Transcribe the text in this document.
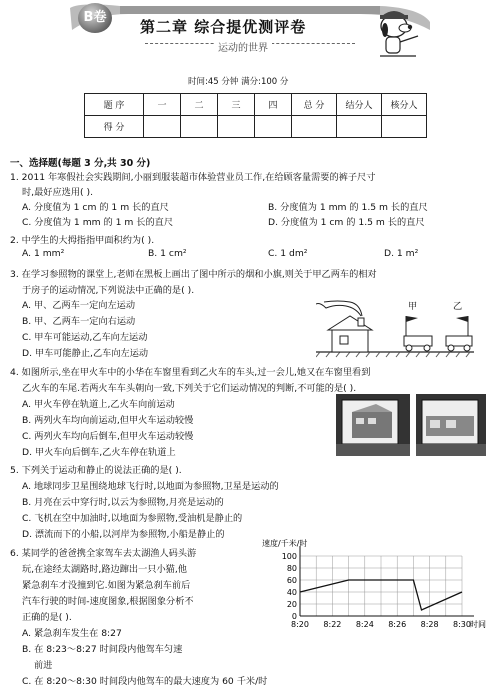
B卷
第二章 综合提优测评卷
运动的世界
时间:45 分钟 满分:100 分
题 序	一	二	三	四	总 分	结分人	核分人
得 分							
一、选择题(每题 3 分,共 30 分)
1. 2011 年寒假社会实践期间,小丽到服装超市体验营业员工作,在给顾客量需要的裤子尺寸
时,最好应选用( ).
A. 分度值为 1 cm 的 1 m 长的直尺	B. 分度值为 1 mm 的 1.5 m 长的直尺
C. 分度值为 1 mm 的 1 m 长的直尺	D. 分度值为 1 cm 的 1.5 m 长的直尺
2. 中学生的大拇指指甲面积约为( ).
A. 1 mm²	B. 1 cm²	C. 1 dm²	D. 1 m²
3. 在学习参照物的课堂上,老师在黑板上画出了图中所示的烟和小旗,则关于甲乙两车的相对
于房子的运动情况,下列说法中正确的是( ).
A. 甲、乙两车一定向左运动
B. 甲、乙两车一定向右运动
C. 甲车可能运动,乙车向左运动
D. 甲车可能静止,乙车向左运动
甲	乙
4. 如图所示,坐在甲火车中的小华在车窗里看到乙火车的车头,过一会儿,她又在车窗里看到
乙火车的车尾.若两火车车头朝向一致,下列关于它们运动情况的判断,不可能的是( ).
A. 甲火车停在轨道上,乙火车向前运动
B. 两列火车均向前运动,但甲火车运动较慢
C. 两列火车均向后倒车,但甲火车运动较慢
D. 甲火车向后倒车,乙火车停在轨道上
5. 下列关于运动和静止的说法正确的是( ).
A. 地球同步卫星围绕地球飞行时,以地面为参照物,卫星是运动的
B. 月亮在云中穿行时,以云为参照物,月亮是运动的
C. 飞机在空中加油时,以地面为参照物,受油机是静止的
D. 漂流而下的小船,以河岸为参照物,小船是静止的
6. 某同学的爸爸携全家驾车去太湖渔人码头游
玩,在途经太湖路时,路边蹿出一只小猫,他
紧急刹车才没撞到它.如图为紧急刹车前后
汽车行驶的时间-速度图象,根据图象分析不
正确的是( ).
A. 紧急刹车发生在 8:27
B. 在 8:23～8:27 时间段内他驾车匀速
前进
C. 在 8:20～8:30 时间段内他驾车的最大速度为 60 千米/时
0
20
40
60
80
100
8:20 8:22 8:24 8:26 8:28 8:30
速度/千米/时
时间
